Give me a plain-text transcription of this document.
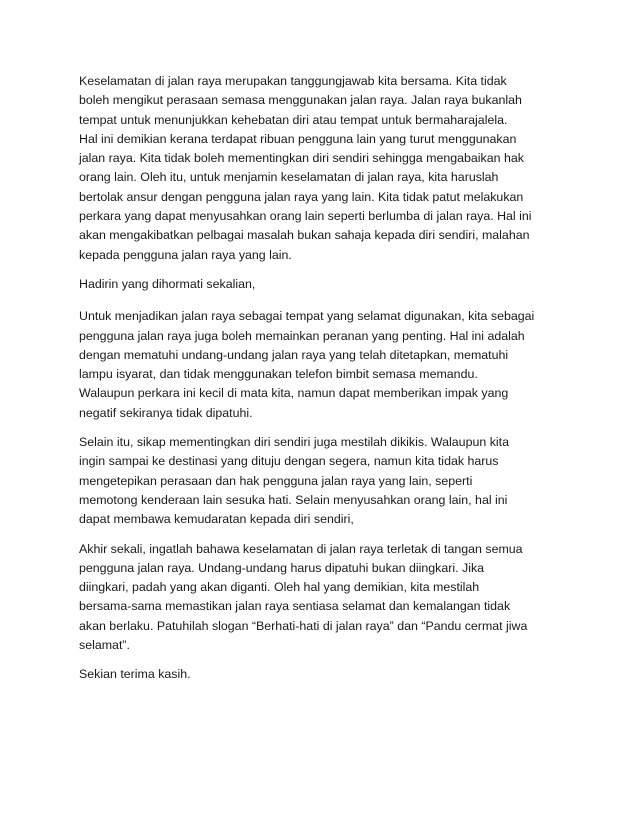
Keselamatan di jalan raya merupakan tanggungjawab kita bersama. Kita tidak
boleh mengikut perasaan semasa menggunakan jalan raya. Jalan raya bukanlah
tempat untuk menunjukkan kehebatan diri atau tempat untuk bermaharajalela.
Hal ini demikian kerana terdapat ribuan pengguna lain yang turut menggunakan
jalan raya. Kita tidak boleh mementingkan diri sendiri sehingga mengabaikan hak
orang lain. Oleh itu, untuk menjamin keselamatan di jalan raya, kita haruslah
bertolak ansur dengan pengguna jalan raya yang lain. Kita tidak patut melakukan
perkara yang dapat menyusahkan orang lain seperti berlumba di jalan raya. Hal ini
akan mengakibatkan pelbagai masalah bukan sahaja kepada diri sendiri, malahan
kepada pengguna jalan raya yang lain.

Hadirin yang dihormati sekalian,

Untuk menjadikan jalan raya sebagai tempat yang selamat digunakan, kita sebagai
pengguna jalan raya juga boleh memainkan peranan yang penting. Hal ini adalah
dengan mematuhi undang-undang jalan raya yang telah ditetapkan, mematuhi
lampu isyarat, dan tidak menggunakan telefon bimbit semasa memandu.
Walaupun perkara ini kecil di mata kita, namun dapat memberikan impak yang
negatif sekiranya tidak dipatuhi.

Selain itu, sikap mementingkan diri sendiri juga mestilah dikikis. Walaupun kita
ingin sampai ke destinasi yang dituju dengan segera, namun kita tidak harus
mengetepikan perasaan dan hak pengguna jalan raya yang lain, seperti
memotong kenderaan lain sesuka hati. Selain menyusahkan orang lain, hal ini
dapat membawa kemudaratan kepada diri sendiri,

Akhir sekali, ingatlah bahawa keselamatan di jalan raya terletak di tangan semua
pengguna jalan raya. Undang-undang harus dipatuhi bukan diingkari. Jika
diingkari, padah yang akan diganti. Oleh hal yang demikian, kita mestilah
bersama-sama memastikan jalan raya sentiasa selamat dan kemalangan tidak
akan berlaku. Patuhilah slogan “Berhati-hati di jalan raya” dan “Pandu cermat jiwa
selamat”.

Sekian terima kasih.
